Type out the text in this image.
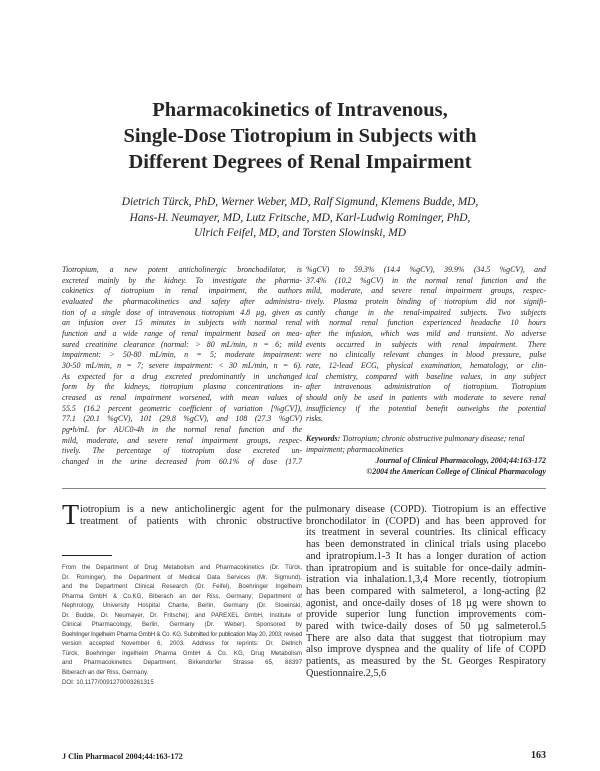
Pharmacokinetics of Intravenous,
Single-Dose Tiotropium in Subjects with
Different Degrees of Renal Impairment
Dietrich Türck, PhD, Werner Weber, MD, Ralf Sigmund, Klemens Budde, MD,
Hans-H. Neumayer, MD, Lutz Fritsche, MD, Karl-Ludwig Rominger, PhD,
Ulrich Feifel, MD, and Torsten Slowinski, MD
Tiotropium, a new potent anticholinergic bronchodilator, is
excreted mainly by the kidney. To investigate the pharma-
cokinetics of tiotropium in renal impairment, the authors
evaluated the pharmacokinetics and safety after administra-
tion of a single dose of intravenous tiotropium 4.8 µg, given as
an infusion over 15 minutes in subjects with normal renal
function and a wide range of renal impairment based on mea-
sured creatinine clearance (normal: > 80 mL/min, n = 6; mild
impairment: > 50-80 mL/min, n = 5; moderate impairment:
30-50 mL/min, n = 7; severe impairment: < 30 mL/min, n = 6).
As expected for a drug excreted predominantly in unchanged
form by the kidneys, tiotropium plasma concentrations in-
creased as renal impairment worsened, with mean values of
55.5 (16.2 percent geometric coefficient of variation [%gCV]),
77.1 (20.1 %gCV), 101 (29.8 %gCV), and 108 (27.3 %gCV)
pg•h/mL for AUC0-4h in the normal renal function and the
mild, moderate, and severe renal impairment groups, respec-
tively. The percentage of tiotropium dose excreted un-
changed in the urine decreased from 60.1% of dose (17.7
%gCV) to 59.3% (14.4 %gCV), 39.9% (34.5 %gCV), and
37.4% (10.2 %gCV) in the normal renal function and the
mild, moderate, and severe renal impairment groups, respec-
tively. Plasma protein binding of tiotropium did not signifi-
cantly change in the renal-impaired subjects. Two subjects
with normal renal function experienced headache 10 hours
after the infusion, which was mild and transient. No adverse
events occurred in subjects with renal impairment. There
were no clinically relevant changes in blood pressure, pulse
rate, 12-lead ECG, physical examination, hematology, or clin-
ical chemistry, compared with baseline values, in any subject
after intravenous administration of tiotropium. Tiotropium
should only be used in patients with moderate to severe renal
insufficiency if the potential benefit outweighs the potential
risks.
Keywords: Tiotropium; chronic obstructive pulmonary disease; renal impairment; pharmacokinetics
Journal of Clinical Pharmacology, 2004;44:163-172
©2004 the American College of Clinical Pharmacology
T iotropium is a new anticholinergic agent for the
treatment of patients with chronic obstructive
From the Department of Drug Metabolism and Pharmacokinetics (Dr. Türck,
Dr. Rominger), the Department of Medical Data Services (Mr. Sigmund),
and the Department Clinical Research (Dr. Feifel), Boehringer Ingelheim
Pharma GmbH & Co.KG, Biberach an der Riss, Germany; Department of
Nephrology, University Hospital Charite, Berlin, Germany (Dr. Slowinski,
Dr. Budde, Dr. Neumayer, Dr. Fritsche); and PAREXEL GmbH, Institute of
Clinical Pharmacology, Berlin, Germany (Dr. Weber). Sponsored by
Boehringer Ingelheim Pharma GmbH & Co. KG. Submitted for publication May 20, 2003; revised
version accepted November 6, 2003. Address for reprints: Dr. Dietrich
Türck, Boehringer Ingelheim Pharma GmbH & Co. KG, Drug Metabolism
and Pharmacokinetics Department, Birkendorfer Strasse 65, 88397
Biberach an der Riss, Germany.
DOI: 10.1177/0091270003261315
pulmonary disease (COPD). Tiotropium is an effective
bronchodilator in (COPD) and has been approved for
its treatment in several countries. Its clinical efficacy
has been demonstrated in clinical trials using placebo
and ipratropium.1-3 It has a longer duration of action
than ipratropium and is suitable for once-daily admin-
istration via inhalation.1,3,4 More recently, tiotropium
has been compared with salmeterol, a long-acting β2
agonist, and once-daily doses of 18 µg were shown to
provide superior lung function improvements com-
pared with twice-daily doses of 50 µg salmeterol.5
There are also data that suggest that tiotropium may
also improve dyspnea and the quality of life of COPD
patients, as measured by the St. Georges Respiratory
Questionnaire.2,5,6
J Clin Pharmacol 2004;44:163-172	163
